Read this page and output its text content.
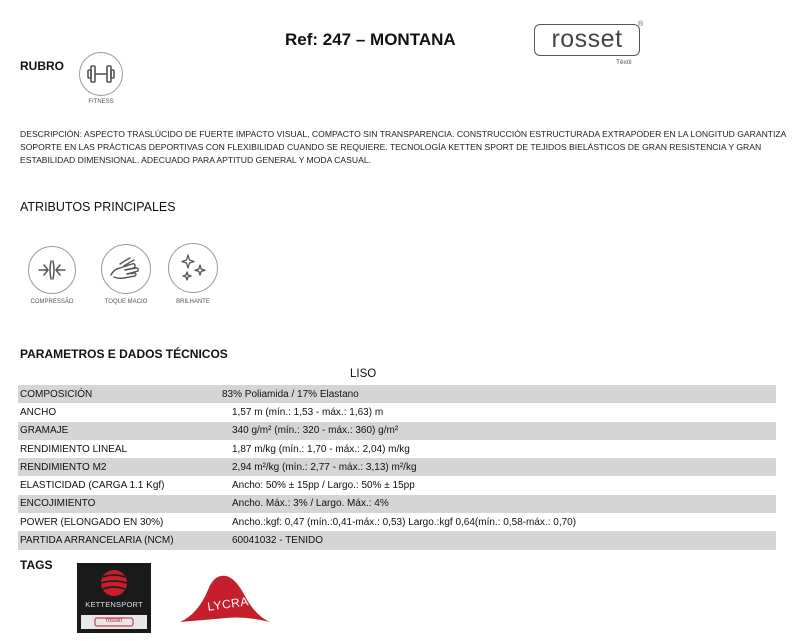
Ref: 247 – MONTANA	rosset
®
Têxtil
RUBRO
FITNESS
DESCRIPCIÓN: ASPECTO TRASLÚCIDO DE FUERTE IMPACTO VISUAL, COMPACTO SIN TRANSPARENCIA. CONSTRUCCIÓN ESTRUCTURADA EXTRAPODER EN LA LONGITUD GARANTIZA SOPORTE EN LAS PRÁCTICAS DEPORTIVAS CON FLEXIBILIDAD CUANDO SE REQUIERE. TECNOLOGÍA KETTEN SPORT DE TEJIDOS BIELÁSTICOS DE GRAN RESISTENCIA Y GRAN ESTABILIDAD DIMENSIONAL. ADECUADO PARA APTITUD GENERAL Y MODA CASUAL.
ATRIBUTOS PRINCIPALES
COMPRESSÃO	TOQUE MACIO	BRILHANTE
PARAMETROS E DADOS TÉCNICOS
LISO
COMPOSICIÓN	83% Poliamida / 17% Elastano
ANCHO	1,57 m (mín.: 1,53 - máx.: 1,63) m
GRAMAJE	340 g/m² (mín.: 320 - máx.: 360) g/m²
RENDIMIENTO LINEAL	1,87 m/kg (mín.: 1,70 - máx.: 2,04) m/kg
RENDIMIENTO M2	2,94 m²/kg (mín.: 2,77 - máx.: 3,13) m²/kg
ELASTICIDAD (CARGA 1.1 Kgf)	Ancho: 50% ± 15pp / Largo.: 50% ± 15pp
ENCOJIMIENTO	Ancho. Máx.: 3% / Largo. Máx.: 4%
POWER (ELONGADO EN 30%)	Ancho.:kgf: 0,47 (mín.:0,41-máx.: 0,53) Largo.:kgf 0,64(mín.: 0,58-máx.: 0,70)
PARTIDA ARRANCELARIA (NCM)	60041032 - TENIDO
TAGS
KETTENSPORT
rosset
LYCRA
